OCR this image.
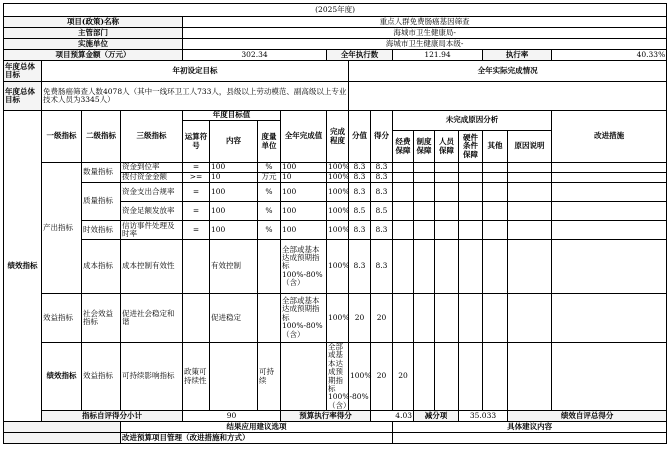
(2025年度)																		
项目(政策)名称				重点人群免费肠癌基因筛查														
主管部门				海城市卫生健康局-														
实施单位				海城市卫生健康局本级-														
项目预算金额（万元）				302.34				全年执行数			121.94				执行率		40.33%	
年度总体目标	年初设定目标								全年实际完成情况									
年度总体目标	免费肠癌筛查人数4078人（其中一线环卫工人733人，县级以上劳动模范、副高级以上专业技术人员为3345人）																	
绩效指标	一级指标	二级指标	三级指标	年度目标值			全年完成值	完成程度	分值	得分	未完成原因分析						改进措施	
				运算符号	内容	度量单位												
											经费保障	制度保障	人员保障	硬件条件保障	其他	原因说明		
	产出指标	数量指标	资金到位率	=	100	%	100	100%	8.3	8.3								
			拨付资金金额	>=	10	万元	10	100%	8.3	8.3								
		质量指标	资金支出合规率	=	100	%	100	100%	8.3	8.3								
			资金足额发放率	=	100	%	100	100%	8.5	8.5								
		时效指标	信访事件处理及时率	=	100	%	100	100%	8.3	8.3								
		成本指标	成本控制有效性		有效控制		全部或基本达成预期指标100%-80%（含）	100%	8.3	8.3								
	效益指标	社会效益指标	促进社会稳定和谐		促进稳定		全部或基本达成预期指标100%-80%（含）	100%	20	20								
	绩效指标	效益指标	可持续影响指标	政策可持续性		可持续		全部或基本达成预期指标100%-80%（含）	100%	20	20							
	指标自评得分小计			90			预算执行率得分			4.03		减分项		35.033		绩效自评总得分	
			结果应用建议选项								具体建议内容							
			改进预算项目管理（改进措施和方式）															
